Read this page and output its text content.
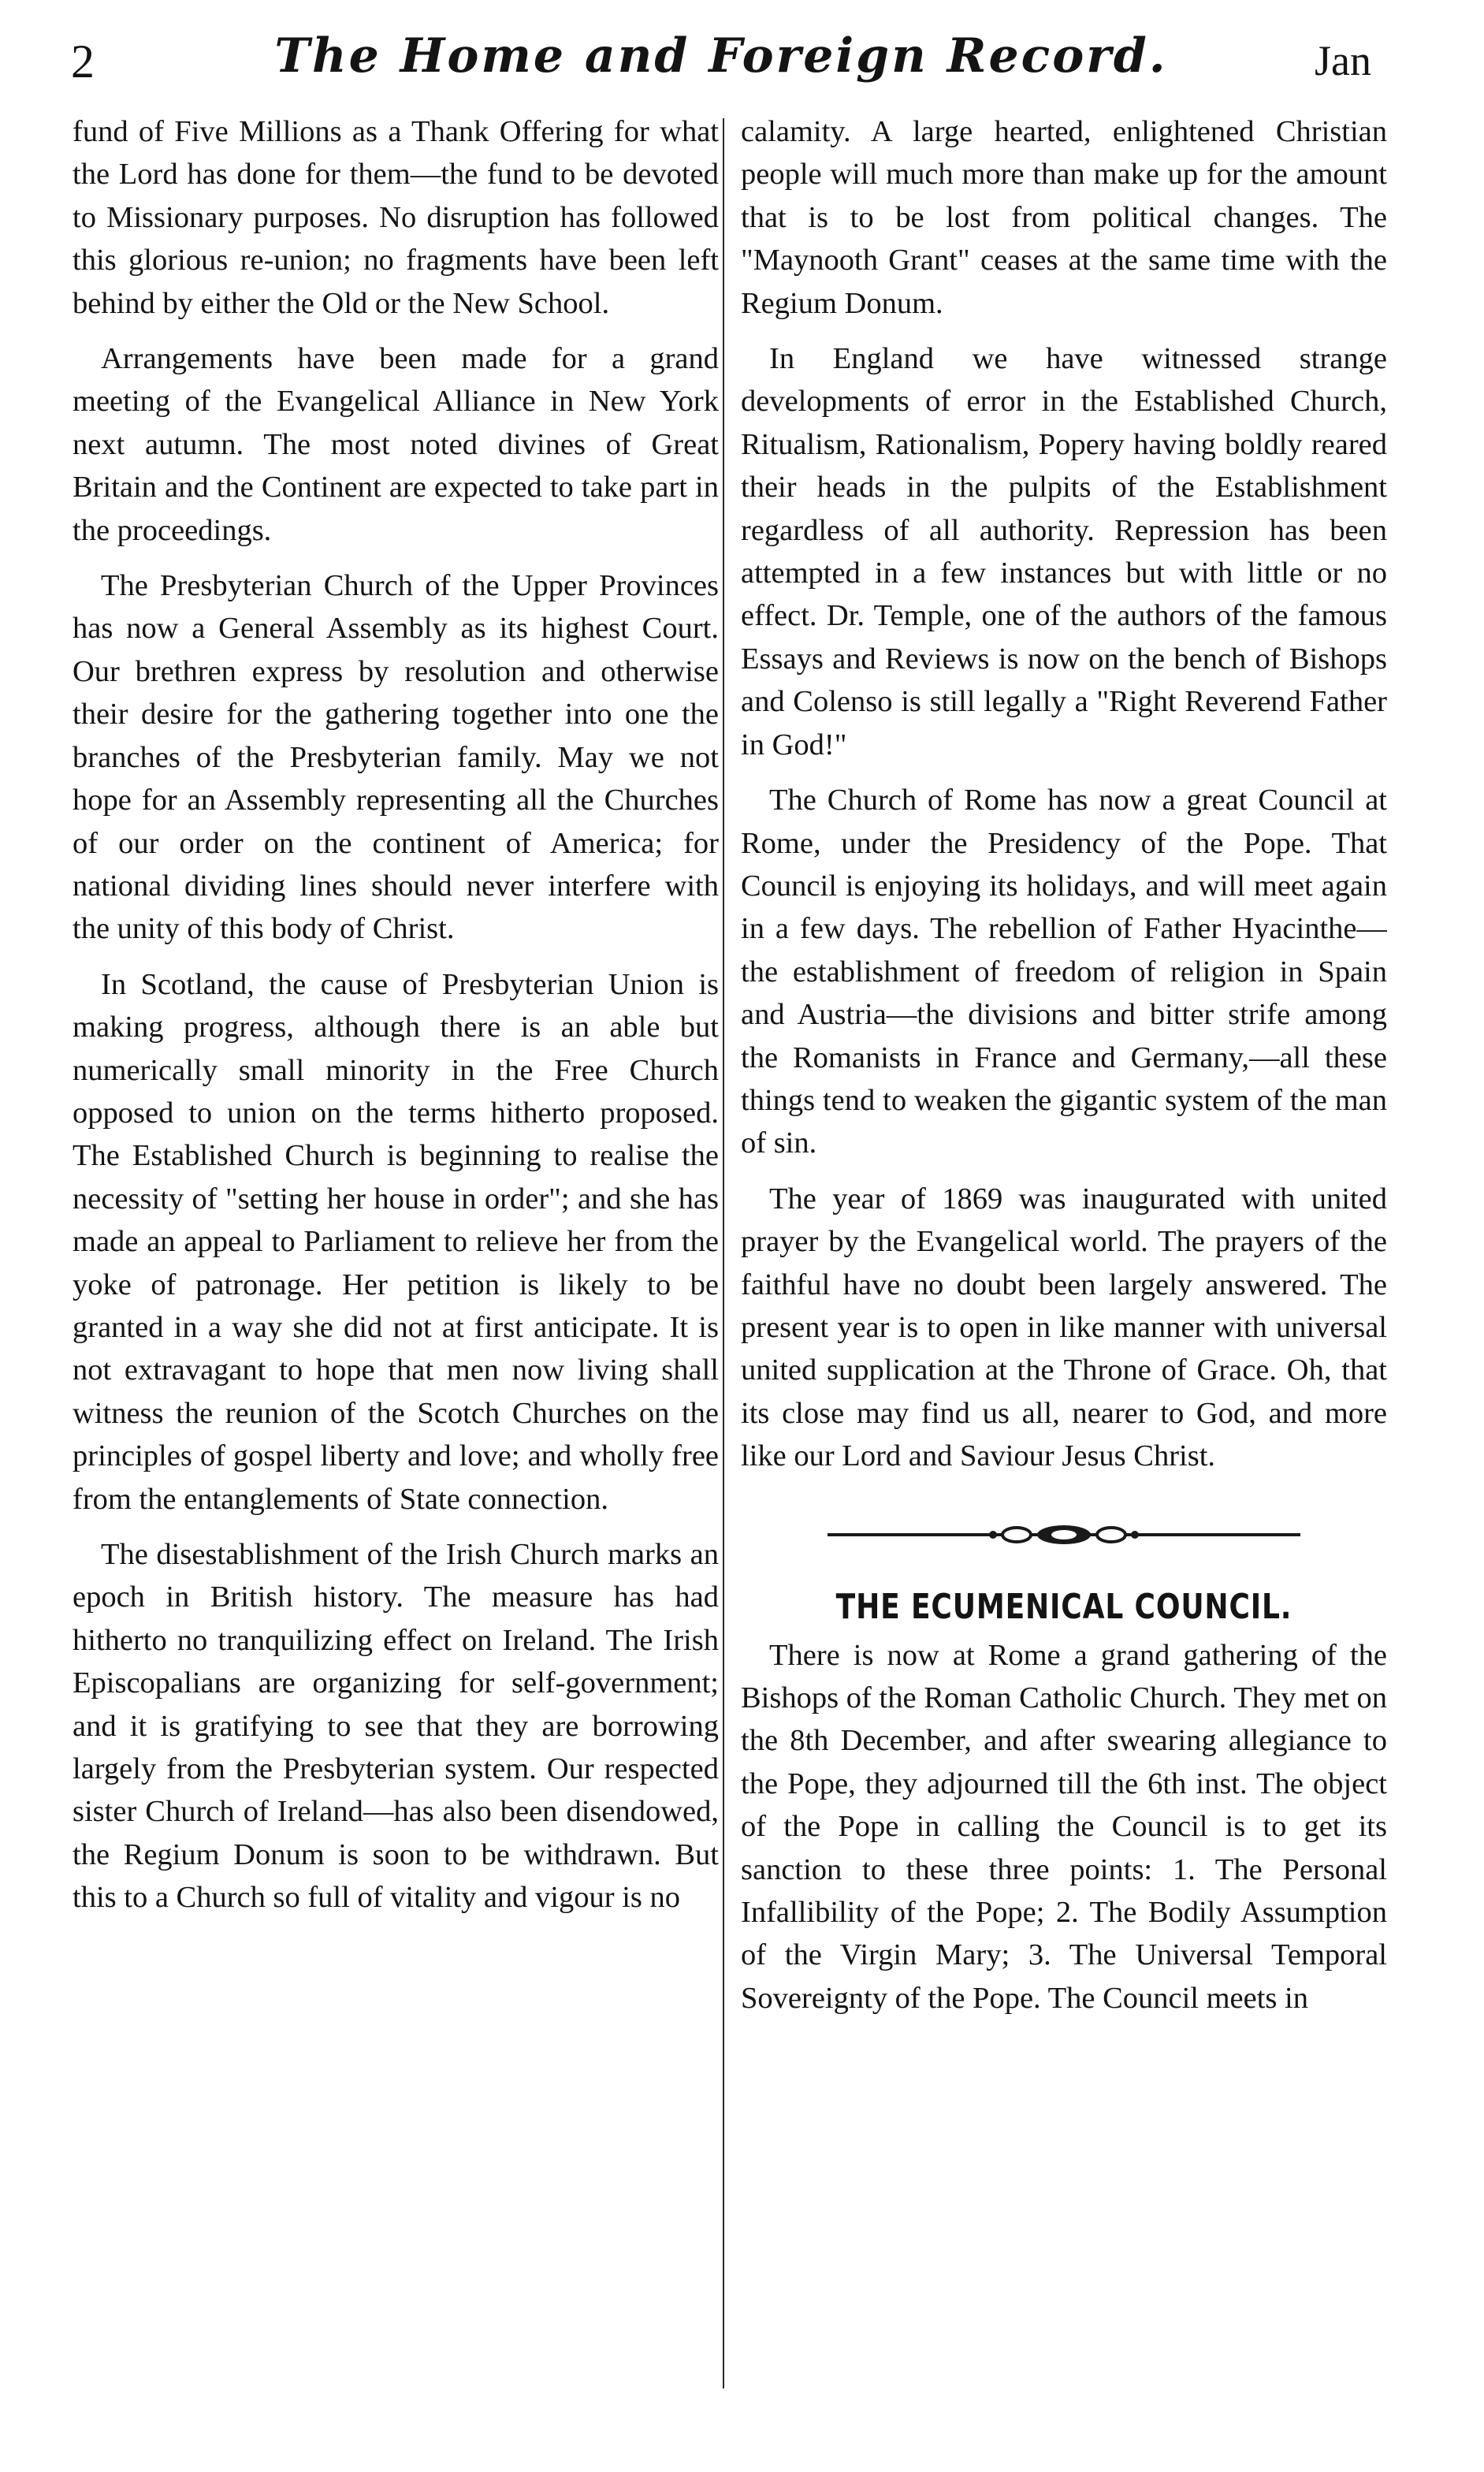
2	The Home and Foreign Record.	Jan

fund of Five Millions as a Thank Offering for what the Lord has done for them—the fund to be devoted to Missionary purposes. No disruption has followed this glorious re-union; no fragments have been left behind by either the Old or the New School.

Arrangements have been made for a grand meeting of the Evangelical Alliance in New York next autumn. The most noted divines of Great Britain and the Continent are expected to take part in the proceedings.

The Presbyterian Church of the Upper Provinces has now a General Assembly as its highest Court. Our brethren express by resolution and otherwise their desire for the gathering together into one the branches of the Presbyterian family. May we not hope for an Assembly representing all the Churches of our order on the continent of America; for national dividing lines should never interfere with the unity of this body of Christ.

In Scotland, the cause of Presbyterian Union is making progress, although there is an able but numerically small minority in the Free Church opposed to union on the terms hitherto proposed. The Established Church is beginning to realise the necessity of "setting her house in order"; and she has made an appeal to Parliament to relieve her from the yoke of patronage. Her petition is likely to be granted in a way she did not at first anticipate. It is not extravagant to hope that men now living shall witness the reunion of the Scotch Churches on the principles of gospel liberty and love; and wholly free from the entanglements of State connection.

The disestablishment of the Irish Church marks an epoch in British history. The measure has had hitherto no tranquilizing effect on Ireland. The Irish Episcopalians are organizing for self-government; and it is gratifying to see that they are borrowing largely from the Presbyterian system. Our respected sister Church of Ireland—has also been disendowed, the Regium Donum is soon to be withdrawn. But this to a Church so full of vitality and vigour is no

calamity. A large hearted, enlightened Christian people will much more than make up for the amount that is to be lost from political changes. The "Maynooth Grant" ceases at the same time with the Regium Donum.

In England we have witnessed strange developments of error in the Established Church, Ritualism, Rationalism, Popery having boldly reared their heads in the pulpits of the Establishment regardless of all authority. Repression has been attempted in a few instances but with little or no effect. Dr. Temple, one of the authors of the famous Essays and Reviews is now on the bench of Bishops and Colenso is still legally a "Right Reverend Father in God!"

The Church of Rome has now a great Council at Rome, under the Presidency of the Pope. That Council is enjoying its holidays, and will meet again in a few days. The rebellion of Father Hyacinthe—the establishment of freedom of religion in Spain and Austria—the divisions and bitter strife among the Romanists in France and Germany,—all these things tend to weaken the gigantic system of the man of sin.

The year of 1869 was inaugurated with united prayer by the Evangelical world. The prayers of the faithful have no doubt been largely answered. The present year is to open in like manner with universal united supplication at the Throne of Grace. Oh, that its close may find us all, nearer to God, and more like our Lord and Saviour Jesus Christ.

THE ECUMENICAL COUNCIL.

There is now at Rome a grand gathering of the Bishops of the Roman Catholic Church. They met on the 8th December, and after swearing allegiance to the Pope, they adjourned till the 6th inst. The object of the Pope in calling the Council is to get its sanction to these three points: 1. The Personal Infallibility of the Pope; 2. The Bodily Assumption of the Virgin Mary; 3. The Universal Temporal Sovereignty of the Pope. The Council meets in
